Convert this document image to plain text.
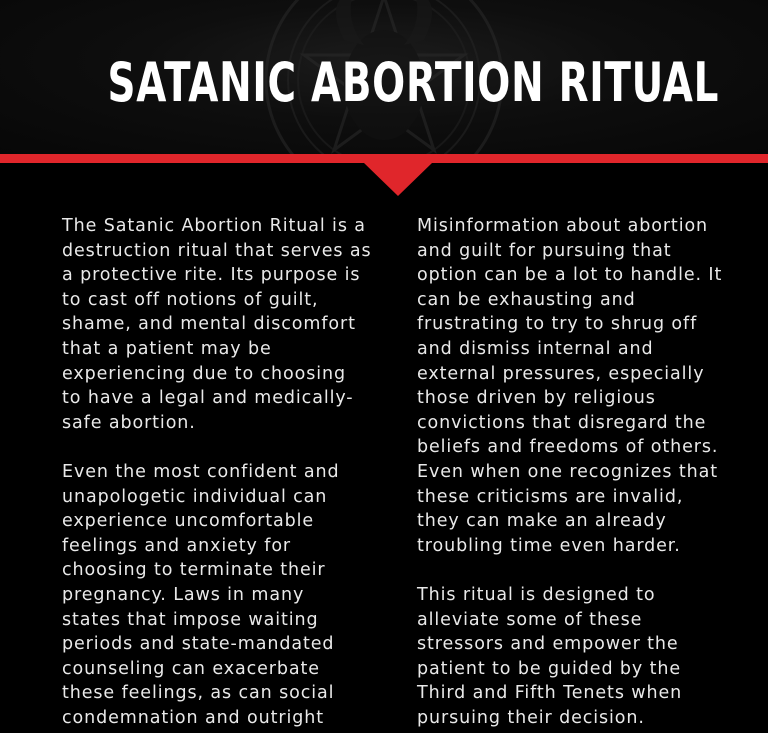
SATANIC ABORTION RITUAL

The Satanic Abortion Ritual is a
destruction ritual that serves as
a protective rite. Its purpose is
to cast off notions of guilt,
shame, and mental discomfort
that a patient may be
experiencing due to choosing
to have a legal and medically-
safe abortion.

Even the most confident and
unapologetic individual can
experience uncomfortable
feelings and anxiety for
choosing to terminate their
pregnancy. Laws in many
states that impose waiting
periods and state-mandated
counseling can exacerbate
these feelings, as can social
condemnation and outright

Misinformation about abortion
and guilt for pursuing that
option can be a lot to handle. It
can be exhausting and
frustrating to try to shrug off
and dismiss internal and
external pressures, especially
those driven by religious
convictions that disregard the
beliefs and freedoms of others.
Even when one recognizes that
these criticisms are invalid,
they can make an already
troubling time even harder.

This ritual is designed to
alleviate some of these
stressors and empower the
patient to be guided by the
Third and Fifth Tenets when
pursuing their decision.
